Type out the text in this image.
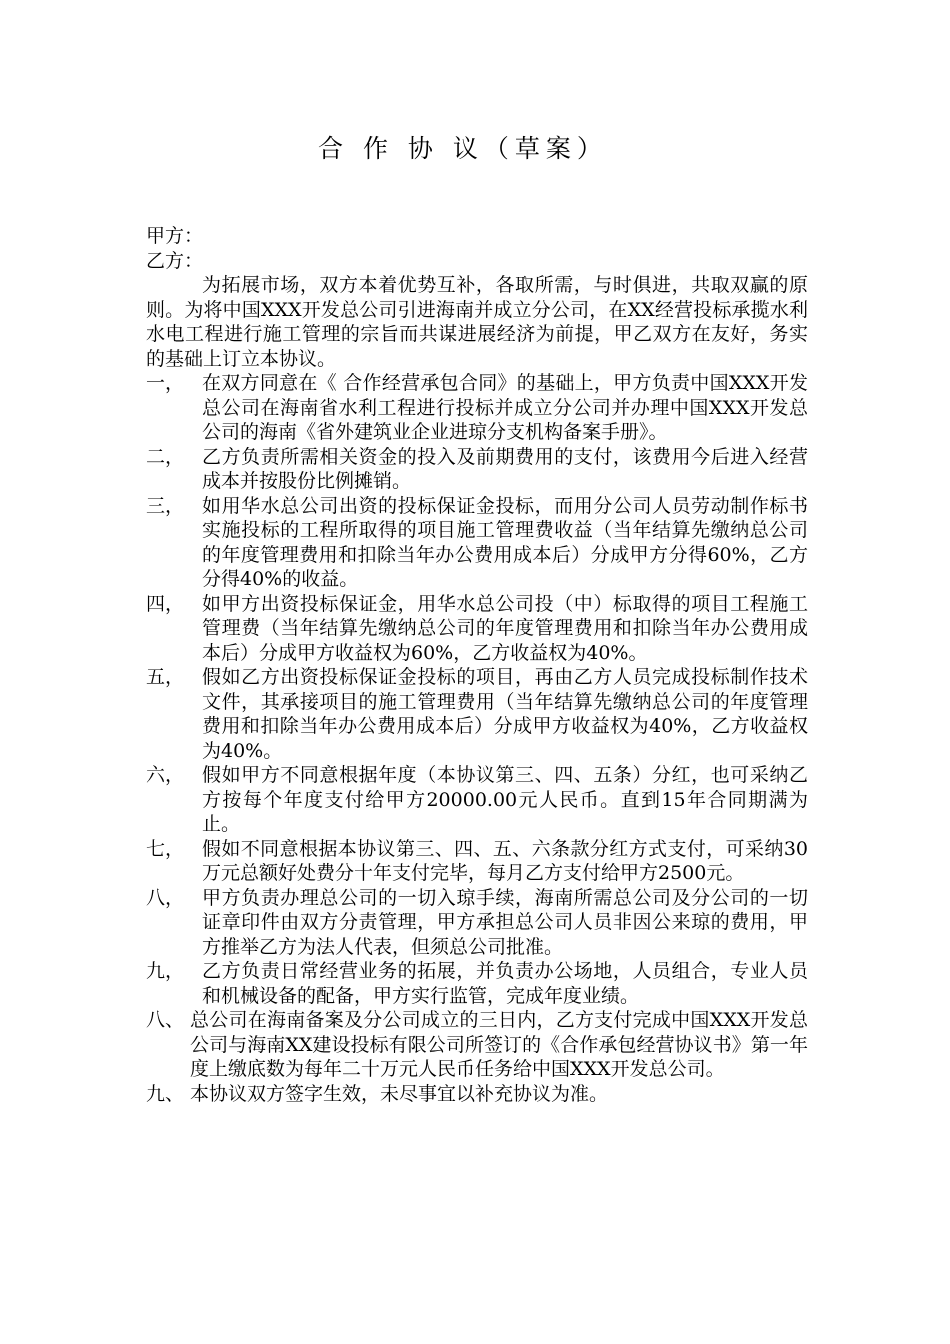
合 作 协 议（草案）

甲方：

乙方：

为拓展市场，双方本着优势互补，各取所需，与时俱进，共取双赢的原则。为将中国XXX开发总公司引进海南并成立分公司，在XX经营投标承揽水利水电工程进行施工管理的宗旨而共谋进展经济为前提，甲乙双方在友好，务实的基础上订立本协议。

一， 在双方同意在《 合作经营承包合同》的基础上，甲方负责中国XXX开发总公司在海南省水利工程进行投标并成立分公司并办理中国XXX开发总公司的海南《省外建筑业企业进琼分支机构备案手册》。
二， 乙方负责所需相关资金的投入及前期费用的支付，该费用今后进入经营成本并按股份比例摊销。
三， 如用华水总公司出资的投标保证金投标，而用分公司人员劳动制作标书实施投标的工程所取得的项目施工管理费收益（当年结算先缴纳总公司的年度管理费用和扣除当年办公费用成本后）分成甲方分得60%，乙方分得40%的收益。
四， 如甲方出资投标保证金，用华水总公司投（中）标取得的项目工程施工管理费（当年结算先缴纳总公司的年度管理费用和扣除当年办公费用成本后）分成甲方收益权为60%，乙方收益权为40%。
五， 假如乙方出资投标保证金投标的项目，再由乙方人员完成投标制作技术文件，其承接项目的施工管理费用（当年结算先缴纳总公司的年度管理费用和扣除当年办公费用成本后）分成甲方收益权为40%，乙方收益权为40%。
六， 假如甲方不同意根据年度（本协议第三、四、五条）分红，也可采纳乙方按每个年度支付给甲方20000.00元人民币。直到15年合同期满为止。
七， 假如不同意根据本协议第三、四、五、六条款分红方式支付，可采纳30万元总额好处费分十年支付完毕，每月乙方支付给甲方2500元。
八， 甲方负责办理总公司的一切入琼手续，海南所需总公司及分公司的一切证章印件由双方分责管理，甲方承担总公司人员非因公来琼的费用，甲方推举乙方为法人代表，但须总公司批准。
九， 乙方负责日常经营业务的拓展，并负责办公场地，人员组合，专业人员和机械设备的配备，甲方实行监管，完成年度业绩。
八、 总公司在海南备案及分公司成立的三日内，乙方支付完成中国XXX开发总公司与海南XX建设投标有限公司所签订的《合作承包经营协议书》第一年度上缴底数为每年二十万元人民币任务给中国XXX开发总公司。
九、 本协议双方签字生效，未尽事宜以补充协议为准。
